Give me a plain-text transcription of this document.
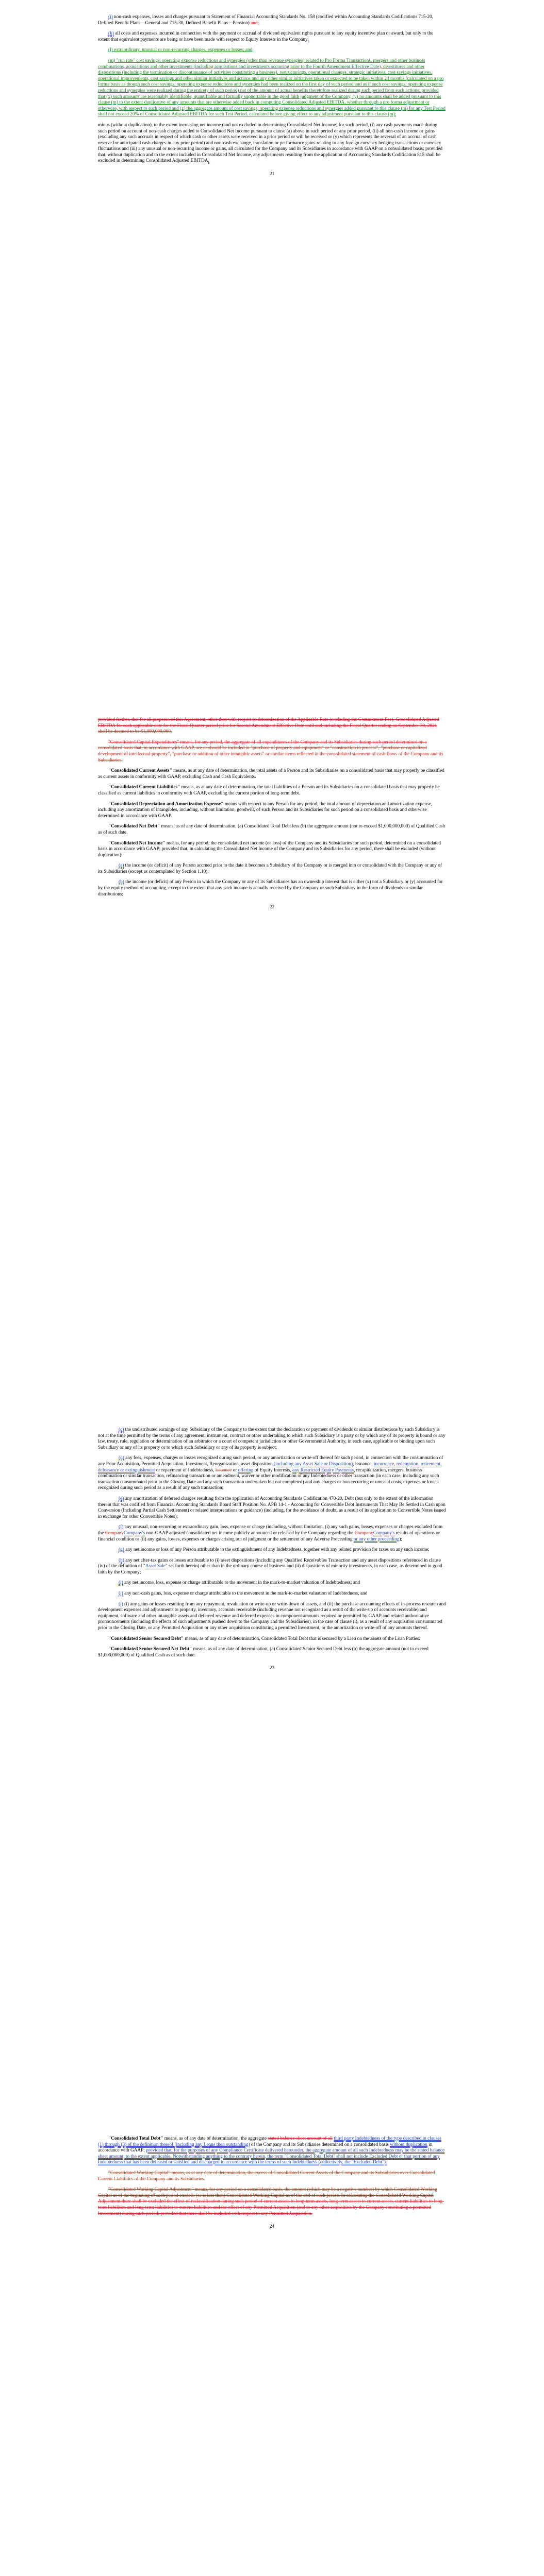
(j) non-cash expenses, losses and charges pursuant to Statement of Financial Accounting Standards No. 158 (codified within Accounting Standards Codifications 715-20, Defined Benefit Plans—General and 715-30, Defined Benefit Plans—Pension) and;

(k) all costs and expenses incurred in connection with the payment or accrual of dividend equivalent rights pursuant to any equity incentive plan or award, but only to the extent that equivalent payments are being or have been made with respect to Equity Interests in the Company;

(l) extraordinary, unusual or non-recurring charges, expenses or losses; and

(m) "run rate" cost savings, operating expense reductions and synergies (other than revenue synergies) related to Pro Forma Transactions, mergers and other business combinations, acquisitions and other investments (including acquisitions and investments occurring prior to the Fourth Amendment Effective Date), divestitures and other dispositions (including the termination or discontinuance of activities constituting a business), restructurings, operational changes, strategic initiatives, cost savings initiatives, operational improvements, cost savings and other similar initiatives and actions and any other similar initiatives taken or expected to be taken within 24 months (calculated on a pro forma basis as though such cost savings, operating expense reductions and synergies had been realized on the first day of such period and as if such cost savings, operating expense reductions and synergies were realized during the entirety of such period) net of the amount of actual benefits theretofore realized during such period from such actions; provided that (x) such amounts are reasonably identifiable, quantifiable and factually supportable in the good faith judgment of the Company, (y) no amounts shall be added pursuant to this clause (m) to the extent duplicative of any amounts that are otherwise added back in computing Consolidated Adjusted EBITDA, whether through a pro forma adjustment or otherwise, with respect to such period and (z) the aggregate amount of cost savings, operating expense reductions and synergies added pursuant to this clause (m) for any Test Period shall not exceed 20% of Consolidated Adjusted EBITDA for such Test Period, calculated before giving effect to any adjustment pursuant to this clause (m);

minus (without duplication), to the extent increasing net income (and not excluded in determining Consolidated Net Income) for such period, (i) any cash payments made during such period on account of non-cash charges added to Consolidated Net Income pursuant to clause (a) above in such period or any prior period, (ii) all non-cash income or gains (excluding any such accruals in respect of which cash or other assets were received in a prior period or will be received or (y) which represents the reversal of an accrual of cash reserve for anticipated cash charges in any prior period) and non-cash exchange, translation or performance gains relating to any foreign currency hedging transactions or currency fluctuations and (iii) any unusual or non-recurring income or gains, all calculated for the Company and its Subsidiaries in accordance with GAAP on a consolidated basis; provided that, without duplication and to the extent included in Consolidated Net Income, any adjustments resulting from the application of Accounting Standards Codification 815 shall be excluded in determining Consolidated Adjusted EBITDA.

21

provided further, that for all purposes of this Agreement, other than with respect to determination of the Applicable Rate (excluding the Commitment Fee), Consolidated Adjusted EBITDA for each applicable date for the Fiscal Quarter period prior for Second Amendment Effective Date until and including the Fiscal Quarter ending on September 30, 2021 shall be deemed to be $1,000,000,000.

"Consolidated Capital Expenditures" means, for any period, the aggregate of all expenditures of the Company and its Subsidiaries during such period determined on a consolidated basis that, in accordance with GAAP, are or should be included in "purchase of property and equipment" or "construction in process", "purchase or capitalized development of intellectual property", "purchase or addition of other intangible assets" or similar items reflected in the consolidated statement of cash flows of the Company and its Subsidiaries.

"Consolidated Current Assets" means, as at any date of determination, the total assets of a Person and its Subsidiaries on a consolidated basis that may properly be classified as current assets in conformity with GAAP, excluding Cash and Cash Equivalents.

"Consolidated Current Liabilities" means, as at any date of determination, the total liabilities of a Person and its Subsidiaries on a consolidated basis that may properly be classified as current liabilities in conformity with GAAP, excluding the current portion of long-term debt.

"Consolidated Depreciation and Amortization Expense" means with respect to any Person for any period, the total amount of depreciation and amortization expense, including any amortization of intangibles, including, without limitation, goodwill, of such Person and its Subsidiaries for such period on a consolidated basis and otherwise determined in accordance with GAAP.

"Consolidated Net Debt" means, as of any date of determination, (a) Consolidated Total Debt less (b) the aggregate amount (not to exceed $1,000,000,000) of Qualified Cash as of such date.

"Consolidated Net Income" means, for any period, the consolidated net income (or loss) of the Company and its Subsidiaries for such period, determined on a consolidated basis in accordance with GAAP; provided that, in calculating the Consolidated Net Income of the Company and its Subsidiaries for any period, there shall be excluded (without duplication):

(a) the income (or deficit) of any Person accrued prior to the date it becomes a Subsidiary of the Company or is merged into or consolidated with the Company or any of its Subsidiaries (except as contemplated by Section 1.10);

(b) the income (or deficit) of any Person in which the Company or any of its Subsidiaries has an ownership interest that is either (x) not a Subsidiary or (y) accounted for by the equity method of accounting, except to the extent that any such income is actually received by the Company or such Subsidiary in the form of dividends or similar distributions;

22

(c) the undistributed earnings of any Subsidiary of the Company to the extent that the declaration or payment of dividends or similar distributions by such Subsidiary is not at the time permitted by the terms of any agreement, instrument, contract or other undertaking to which such Subsidiary is a party or by which any of its property is bound or any law, treaty, rule, regulation or determination of an arbitrator or a court of competent jurisdiction or other Governmental Authority, in each case, applicable or binding upon such Subsidiary or any of its property or to which such Subsidiary or any of its property is subject;

(d) any fees, expenses, charges or losses recognized during such period, or any amortization or write-off thereof for such period, in connection with the consummation of any Prior Acquisition, Permitted Acquisition, Investment, Reorganization, asset disposition (including any Asset Sale or Disposition), issuance, incurrence, redemption, retirement, defeasance or extinguishment or repayment of Indebtedness, issuance or offering of Equity Interests, any Restricted Equity Payments, recapitalization, mergers, business combination or similar transaction, refinancing transaction or amendment, waiver or other modification of any Indebtedness or other transaction (in each case, including any such transaction consummated prior to the Closing Date and any such transaction undertaken but not completed) and any charges or non-recurring or unusual costs, expenses or losses recognized during such period as a result of any such transaction;

(e) any amortization of deferred charges resulting from the application of Accounting Standards Codification 470-20, Debt (but only to the extent of the information therein that was codified from Financial Accounting Standards Board Staff Position No. APB 14-1 - Accounting for Convertible Debt Instruments That May Be Settled in Cash upon Conversion (Including Partial Cash Settlement) or related interpretations or guidance) (including, for the avoidance of doubt, as a result of its application to Convertible Notes issued in exchange for other Convertible Notes);

(f) any unusual, non-recurring or extraordinary gain, loss, expense or charge (including, without limitation, (i) any such gains, losses, expenses or charges excluded from the CompanyCompany's non-GAAP adjusted consolidated net income publicly announced or released by the Company regarding the CompanyCompany's results of operations or financial condition or (ii) any gains, losses, expenses or charges arising out of judgment or the settlement of any Adverse Proceeding or any other proceeding);

(g) any net income or loss of any Person attributable to the extinguishment of any Indebtedness, together with any related provision for taxes on any such income;

(h) any net after-tax gains or losses attributable to (i) asset dispositions (including any Qualified Receivables Transaction and any asset dispositions referenced in clause (iv) of the definition of "Asset Sale" set forth herein) other than in the ordinary course of business and (ii) dispositions of minority investments, in each case, as determined in good faith by the Company;

(i) any net income, loss, expense or charge attributable to the movement in the mark-to-market valuation of Indebtedness; and

(j) any non-cash gains, loss, expense or charge attributable to the movement in the mark-to-market valuation of Indebtedness, and

(j) (i) any gains or losses resulting from any repayment, revaluation or write-up or write-down of assets, and (ii) the purchase accounting effects of in-process research and development expenses and adjustments to property, inventory, accounts receivable (including revenue not recognized as a result of the write-up of accounts receivable) and equipment, software and other intangible assets and deferred revenue and deferred expenses in component amounts required or permitted by GAAP and related authoritative pronouncements (including the effects of such adjustments pushed down to the Company and the Subsidiaries), in the case of clause (i), as a result of any acquisition consummated prior to the Closing Date, or any Permitted Acquisition or any other acquisition constituting a permitted Investment, or the amortization or write-off of any amounts thereof.

"Consolidated Senior Secured Debt" means, as of any date of determination, Consolidated Total Debt that is secured by a Lien on the assets of the Loan Parties.

"Consolidated Senior Secured Net Debt" means, as of any date of determination, (a) Consolidated Senior Secured Debt less (b) the aggregate amount (not to exceed $1,000,000,000) of Qualified Cash as of such date.

23

"Consolidated Total Debt" means, as of any date of determination, the aggregate stated balance sheet amount of all third party Indebtedness of the type described in clauses (1) through (3) of the definition thereof (including any Loans then outstanding) of the Company and its Subsidiaries determined on a consolidated basis without duplication in accordance with GAAP; provided that, for the purposes of any Compliance Certificate delivered hereunder, the aggregate amount of all such Indebtedness may be the stated balance sheet amount, to the extent applicable. Notwithstanding anything to the contrary herein, the term "Consolidated Total Debt" shall not include Excluded Debt or that portion of any Indebtedness that has been defeased or satisfied and discharged in accordance with the terms of such Indebtedness (collectively, the "Excluded Debt").

"Consolidated Working Capital" means, as at any date of determination, the excess of Consolidated Current Assets of the Company and its Subsidiaries over Consolidated Current Liabilities of the Company and its Subsidiaries.

"Consolidated Working Capital Adjustment" means, for any period on a consolidated basis, the amount (which may be a negative number) by which Consolidated Working Capital as of the beginning of such period exceeds (or is less than) Consolidated Working Capital as of the end of such period. In calculating the Consolidated Working Capital Adjustment there shall be excluded the effect of reclassification during such period of current assets to long-term assets, long-term assets to current assets, current liabilities to long-term liabilities and long-term liabilities to current liabilities and the effect of any Permitted Acquisition (and to any other acquisition by the Company constituting a permitted Investment) during such period; provided that there shall be included with respect to any Permitted Acquisition.

24
